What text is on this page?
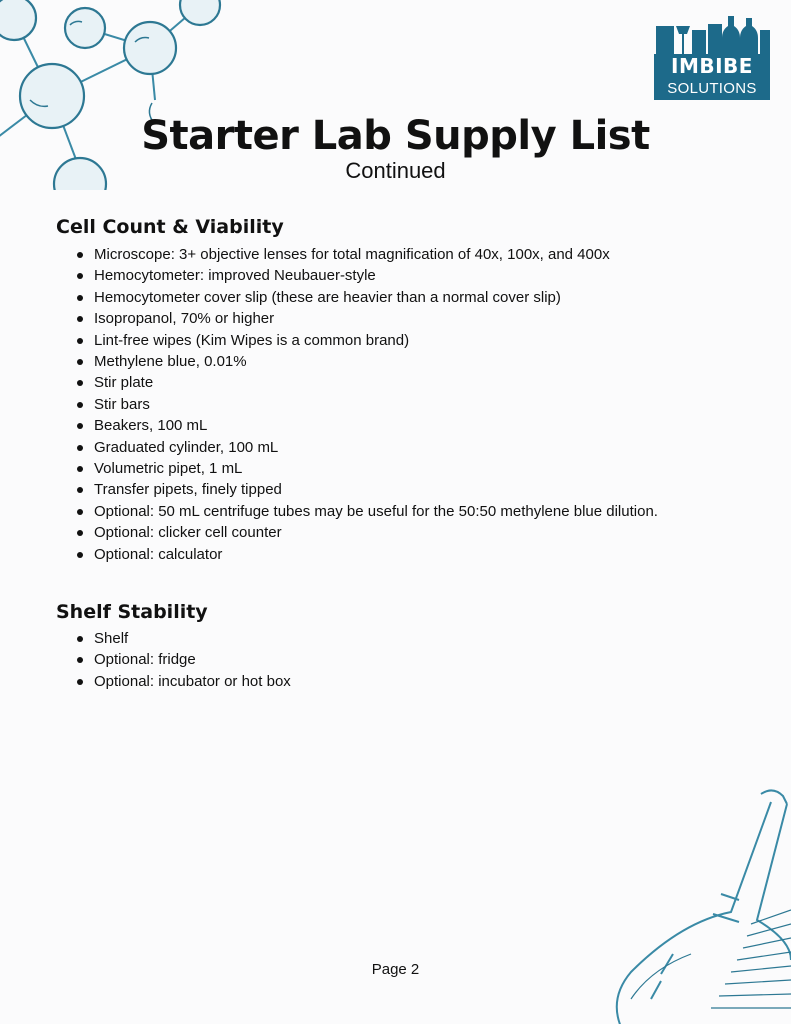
IMBIBE
SOLUTIONS
Starter Lab Supply List

Continued

Cell Count & Viability
Microscope: 3+ objective lenses for total magnification of 40x, 100x, and 400x
Hemocytometer: improved Neubauer-style
Hemocytometer cover slip (these are heavier than a normal cover slip)
Isopropanol, 70% or higher
Lint-free wipes (Kim Wipes is a common brand)
Methylene blue, 0.01%
Stir plate
Stir bars
Beakers, 100 mL
Graduated cylinder, 100 mL
Volumetric pipet, 1 mL
Transfer pipets, finely tipped
Optional: 50 mL centrifuge tubes may be useful for the 50:50 methylene blue dilution.
Optional: clicker cell counter
Optional: calculator
Shelf Stability
Shelf
Optional: fridge
Optional: incubator or hot box
Page 2
